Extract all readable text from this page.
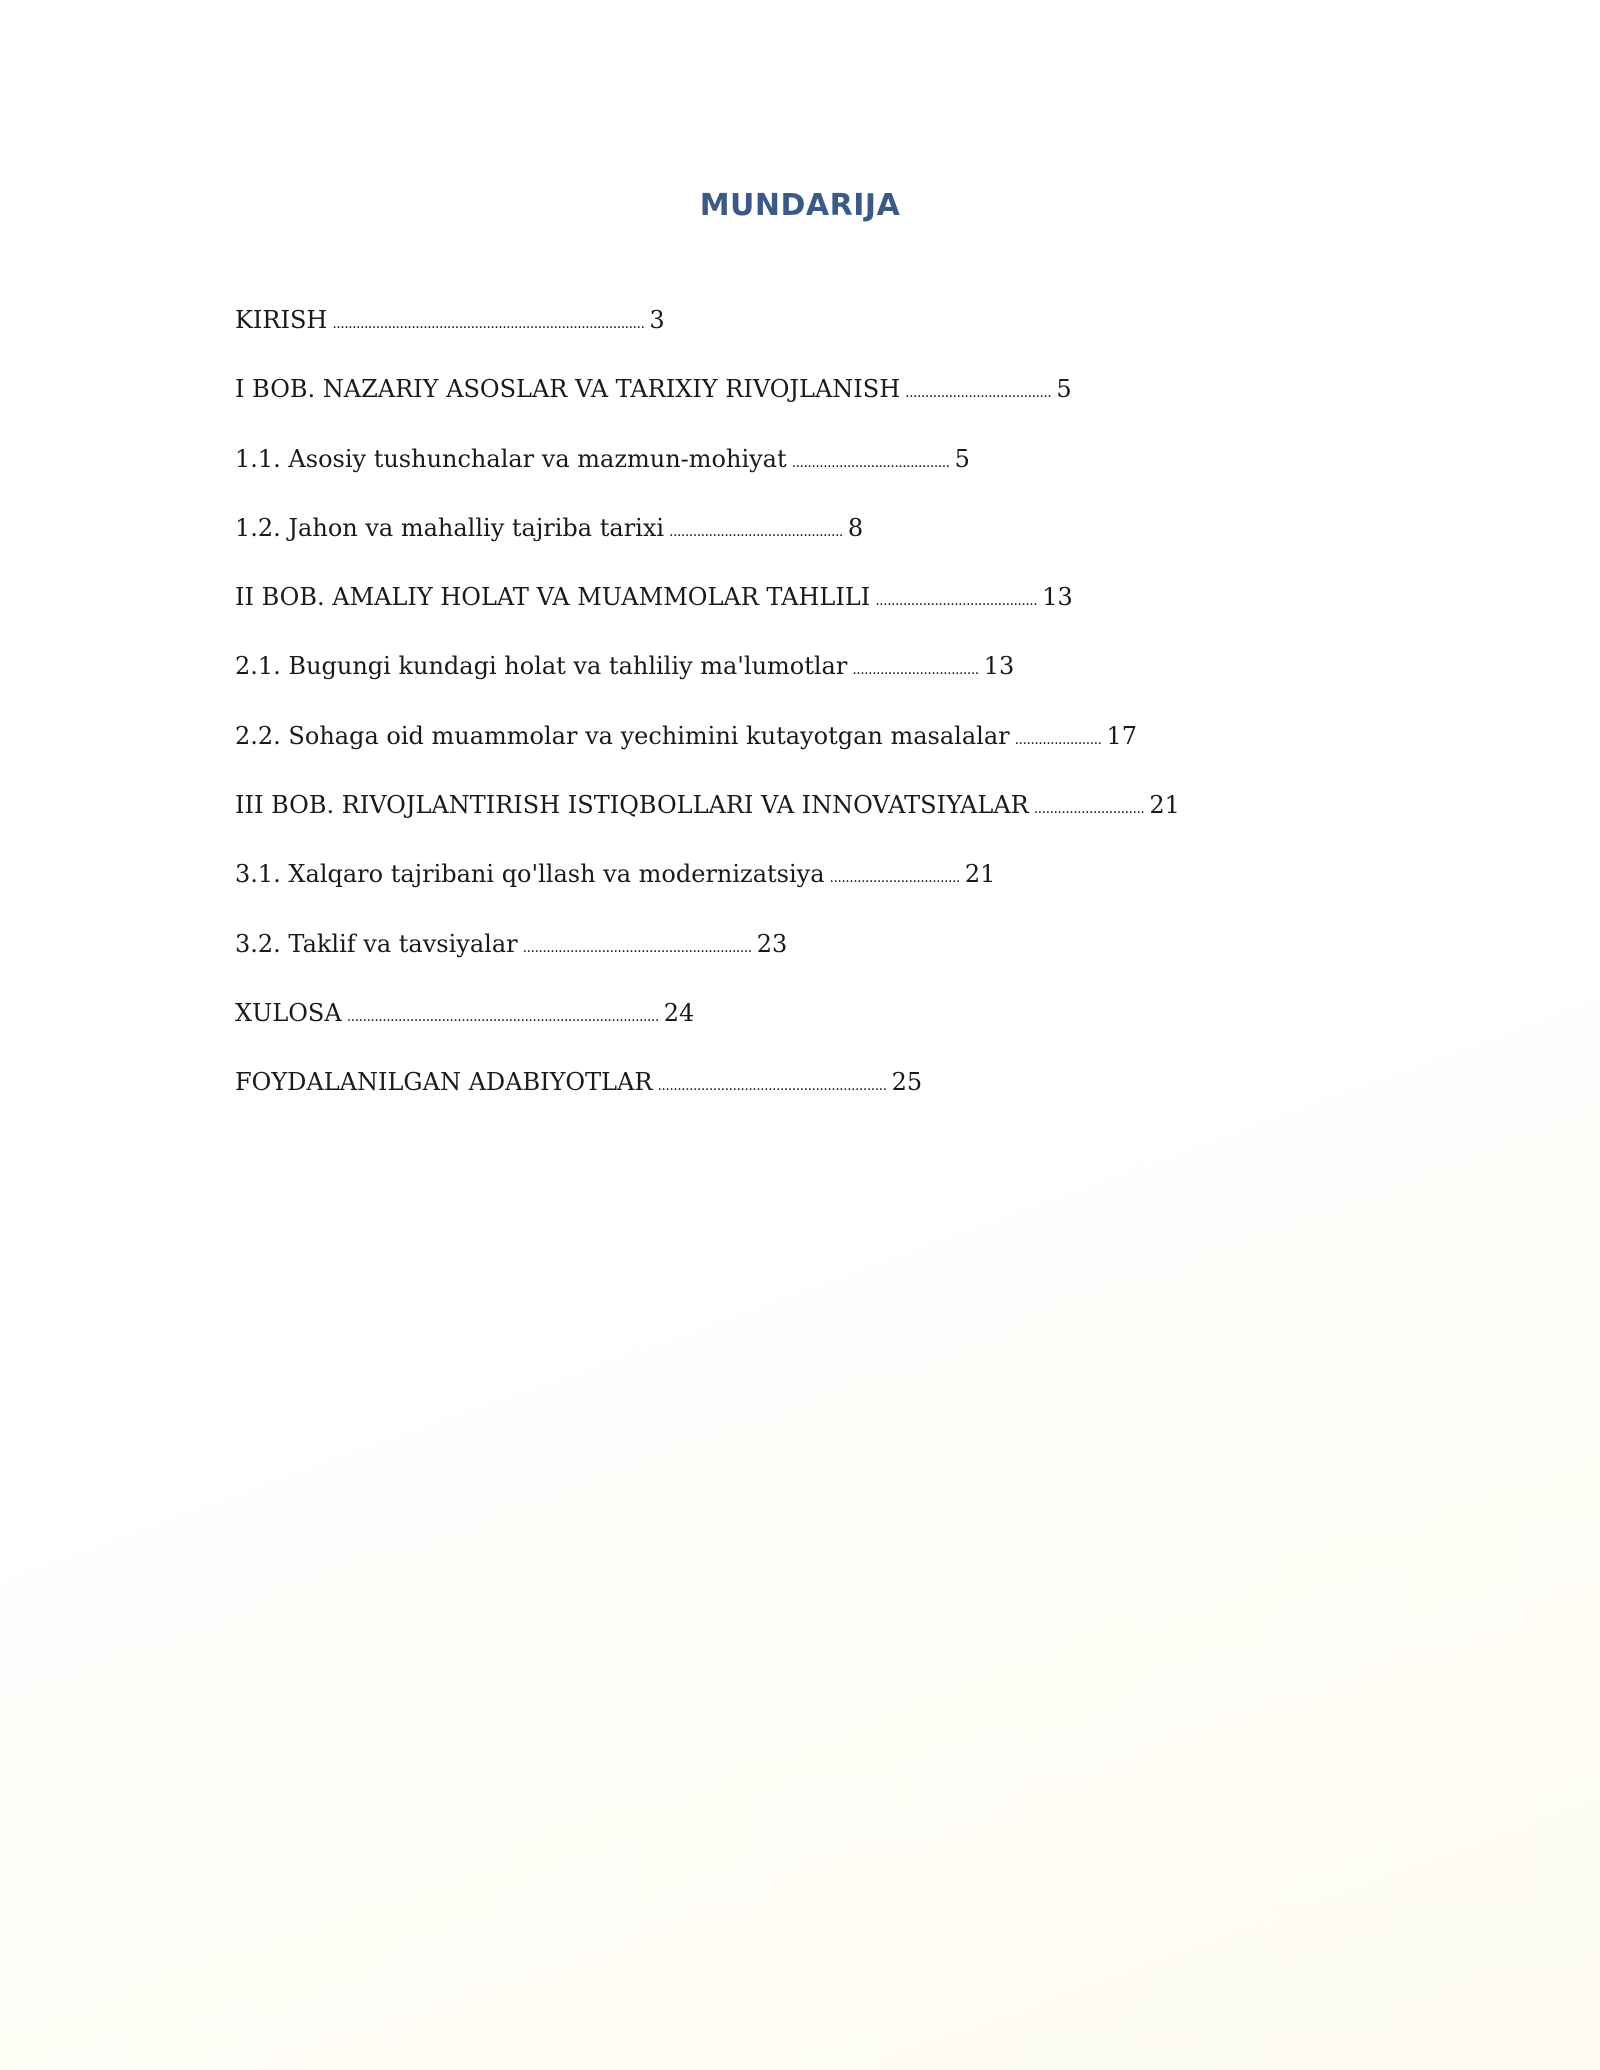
MUNDARIJA
KIRISH ............................................................................... 3
I BOB. NAZARIY ASOSLAR VA TARIXIY RIVOJLANISH ..................................... 5
1.1. Asosiy tushunchalar va mazmun-mohiyat ........................................ 5
1.2. Jahon va mahalliy tajriba tarixi ............................................ 8
II BOB. AMALIY HOLAT VA MUAMMOLAR TAHLILI ......................................... 13
2.1. Bugungi kundagi holat va tahliliy ma'lumotlar ................................ 13
2.2. Sohaga oid muammolar va yechimini kutayotgan masalalar ...................... 17
III BOB. RIVOJLANTIRISH ISTIQBOLLARI VA INNOVATSIYALAR ............................ 21
3.1. Xalqaro tajribani qo'llash va modernizatsiya ................................. 21
3.2. Taklif va tavsiyalar .......................................................... 23
XULOSA ............................................................................... 24
FOYDALANILGAN ADABIYOTLAR .......................................................... 25
